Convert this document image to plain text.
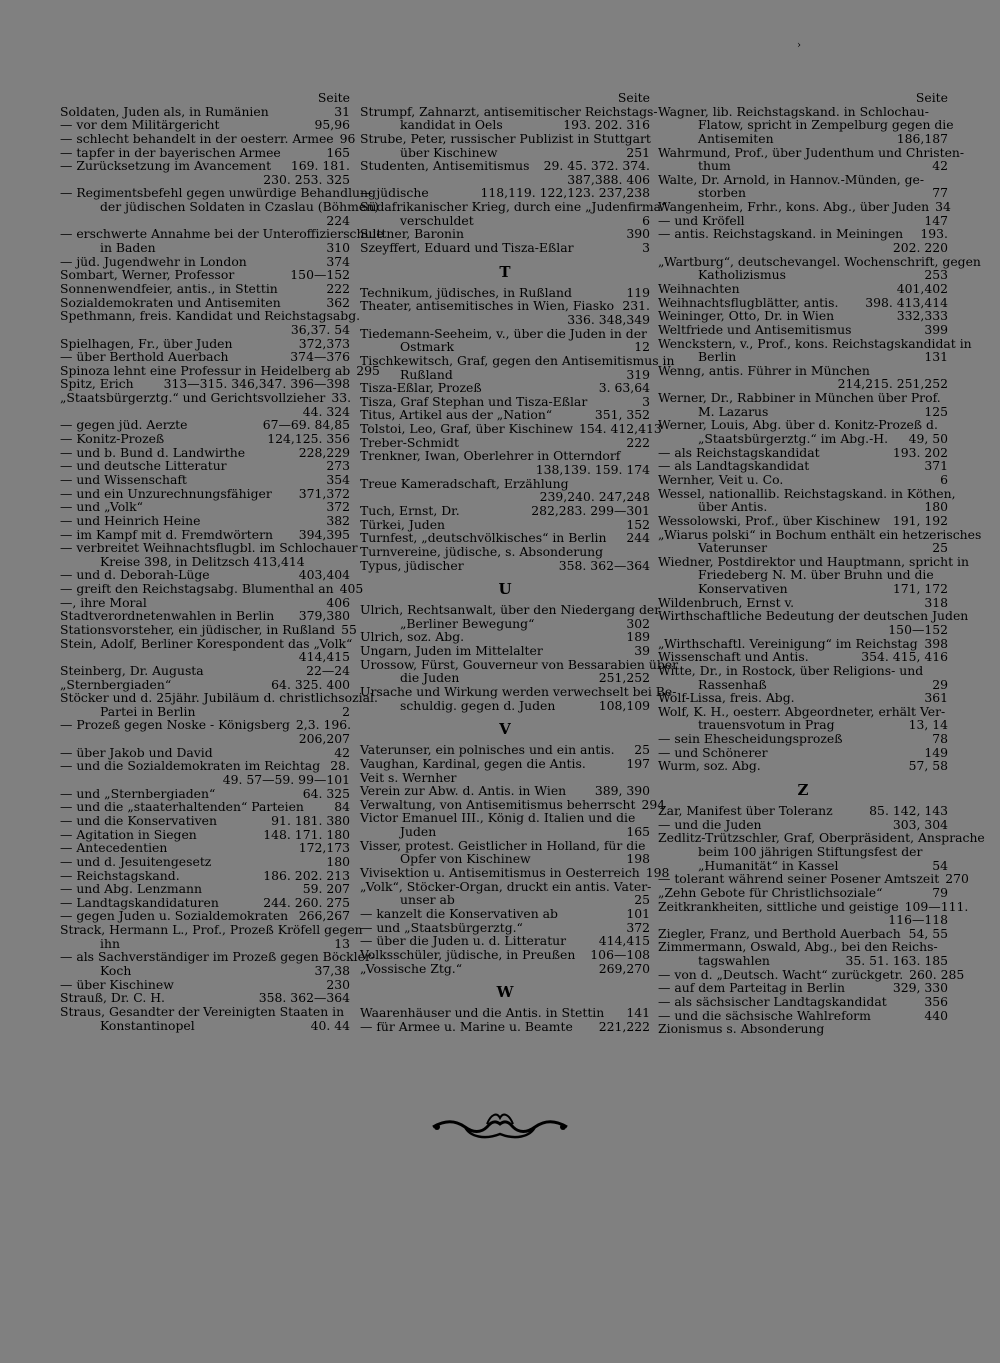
›
Seite
Soldaten, Juden als, in Rumänien	31
— vor dem Militärgericht	95,96
— schlecht behandelt in der oesterr. Armee 96
— tapfer in der bayerischen Armee	165
— Zurücksetzung im Avancement	169. 181.
230. 253. 325
— Regimentsbefehl gegen unwürdige Behandlung
der jüdischen Soldaten in Czaslau (Böhmen)
224
— erschwerte Annahme bei der Unteroffizierschule
in Baden	310
— jüd. Jugendwehr in London	374
Sombart, Werner, Professor	150—152
Sonnenwendfeier, antis., in Stettin	222
Sozialdemokraten und Antisemiten	362
Spethmann, freis. Kandidat und Reichstagsabg.
36,37. 54
Spielhagen, Fr., über Juden	372,373
— über Berthold Auerbach	374—376
Spinoza lehnt eine Professur in Heidelberg ab 295
Spitz, Erich	313—315. 346,347. 396—398
„Staatsbürgerztg.“ und Gerichtsvollzieher 33.
44. 324
— gegen jüd. Aerzte	67—69. 84,85
— Konitz-Prozeß	124,125. 356
— und b. Bund d. Landwirthe	228,229
— und deutsche Litteratur	273
— und Wissenschaft	354
— und ein Unzurechnungsfähiger	371,372
— und „Volk“	372
— und Heinrich Heine	382
— im Kampf mit d. Fremdwörtern	394,395
— verbreitet Weihnachtsflugbl. im Schlochauer
Kreise 398, in Delitzsch 413,414
— und d. Deborah-Lüge	403,404
— greift den Reichstagsabg. Blumenthal an 405
—, ihre Moral	406
Stadtverordnetenwahlen in Berlin	379,380
Stationsvorsteher, ein jüdischer, in Rußland 55
Stein, Adolf, Berliner Korespondent das „Volk“
414,415
Steinberg, Dr. Augusta	22—24
„Sternbergiaden“	64. 325. 400
Stöcker und d. 25jähr. Jubiläum d. christlichsozial.
Partei in Berlin	2
— Prozeß gegen Noske - Königsberg 2,3. 196.
206,207
— über Jakob und David	42
— und die Sozialdemokraten im Reichtag 28.
49. 57—59. 99—101
— und „Sternbergiaden“	64. 325
— und die „staaterhaltenden“ Parteien	84
— und die Konservativen	91. 181. 380
— Agitation in Siegen	148. 171. 180
— Antecedentien	172,173
— und d. Jesuitengesetz	180
— Reichstagskand.	186. 202. 213
— und Abg. Lenzmann	59. 207
— Landtagskandidaturen	244. 260. 275
— gegen Juden u. Sozialdemokraten 266,267
Strack, Hermann L., Prof., Prozeß Kröfell gegen
ihn	13
— als Sachverständiger im Prozeß gegen Böckler-
Koch	37,38
— über Kischinew	230
Strauß, Dr. C. H.	358. 362—364
Straus, Gesandter der Vereinigten Staaten in
Konstantinopel	40. 44
Seite
Strumpf, Zahnarzt, antisemitischer Reichstags-
kandidat in Oels	193. 202. 316
Strube, Peter, russischer Publizist in Stuttgart
über Kischinew	251
Studenten, Antisemitismus	29. 45. 372. 374.
387,388. 406
— jüdische	118,119. 122,123. 237,238
Südafrikanischer Krieg, durch eine „Judenfirma“
verschuldet	6
Suttner, Baronin	390
Szeyffert, Eduard und Tisza-Eßlar	3
T
Technikum, jüdisches, in Rußland	119
Theater, antisemitisches in Wien, Fiasko 231.
336. 348,349
Tiedemann-Seeheim, v., über die Juden in der
Ostmark	12
Tischkewitsch, Graf, gegen den Antisemitismus in
Rußland	319
Tisza-Eßlar, Prozeß	3. 63,64
Tisza, Graf Stephan und Tisza-Eßlar	3
Titus, Artikel aus der „Nation“	351, 352
Tolstoi, Leo, Graf, über Kischinew 154. 412,413
Treber-Schmidt	222
Trenkner, Iwan, Oberlehrer in Otterndorf
138,139. 159. 174
Treue Kameradschaft, Erzählung
239,240. 247,248
Tuch, Ernst, Dr.	282,283. 299—301
Türkei, Juden	152
Turnfest, „deutschvölkisches“ in Berlin	244
Turnvereine, jüdische, s. Absonderung
Typus, jüdischer	358. 362—364
U
Ulrich, Rechtsanwalt, über den Niedergang der
„Berliner Bewegung“	302
Ulrich, soz. Abg.	189
Ungarn, Juden im Mittelalter	39
Urossow, Fürst, Gouverneur von Bessarabien über
die Juden	251,252
Ursache und Wirkung werden verwechselt bei Be-
schuldig. gegen d. Juden	108,109
V
Vaterunser, ein polnisches und ein antis.	25
Vaughan, Kardinal, gegen die Antis.	197
Veit s. Wernher
Verein zur Abw. d. Antis. in Wien	389, 390
Verwaltung, von Antisemitismus beherrscht 294
Victor Emanuel III., König d. Italien und die
Juden	165
Visser, protest. Geistlicher in Holland, für die
Opfer von Kischinew	198
Vivisektion u. Antisemitismus in Oesterreich 198
„Volk“, Stöcker-Organ, druckt ein antis. Vater-
unser ab	25
— kanzelt die Konservativen ab	101
— und „Staatsbürgerztg.“	372
— über die Juden u. d. Litteratur	414,415
Volksschüler, jüdische, in Preußen	106—108
„Vossische Ztg.“	269,270
W
Waarenhäuser und die Antis. in Stettin	141
— für Armee u. Marine u. Beamte	221,222
Seite
Wagner, lib. Reichstagskand. in Schlochau-
Flatow, spricht in Zempelburg gegen die
Antisemiten	186,187
Wahrmund, Prof., über Judenthum und Christen-
thum	42
Walte, Dr. Arnold, in Hannov.-Münden, ge-
storben	77
Wangenheim, Frhr., kons. Abg., über Juden 34
— und Kröfell	147
— antis. Reichstagskand. in Meiningen	193.
202. 220
„Wartburg“, deutschevangel. Wochenschrift, gegen
Katholizismus	253
Weihnachten	401,402
Weihnachtsflugblätter, antis.	398. 413,414
Weininger, Otto, Dr. in Wien	332,333
Weltfriede und Antisemitismus	399
Wenckstern, v., Prof., kons. Reichstagskandidat in
Berlin	131
Wenng, antis. Führer in München
214,215. 251,252
Werner, Dr., Rabbiner in München über Prof.
M. Lazarus	125
Werner, Louis, Abg. über d. Konitz-Prozeß d.
„Staatsbürgerztg.“ im Abg.-H.	49, 50
— als Reichstagskandidat	193. 202
— als Landtagskandidat	371
Wernher, Veit u. Co.	6
Wessel, nationallib. Reichstagskand. in Köthen,
über Antis.	180
Wessolowski, Prof., über Kischinew	191, 192
„Wiarus polski“ in Bochum enthält ein hetzerisches
Vaterunser	25
Wiedner, Postdirektor und Hauptmann, spricht in
Friedeberg N. M. über Bruhn und die
Konservativen	171, 172
Wildenbruch, Ernst v.	318
Wirthschaftliche Bedeutung der deutschen Juden
150—152
„Wirthschaftl. Vereinigung“ im Reichstag 398
Wissenschaft und Antis.	354. 415, 416
Witte, Dr., in Rostock, über Religions- und
Rassenhaß	29
Wolf-Lissa, freis. Abg.	361
Wolf, K. H., oesterr. Abgeordneter, erhält Ver-
trauensvotum in Prag	13, 14
— sein Ehescheidungsprozeß	78
— und Schönerer	149
Wurm, soz. Abg.	57, 58
Z
Zar, Manifest über Toleranz	85. 142, 143
— und die Juden	303, 304
Zedlitz-Trützschler, Graf, Oberpräsident, Ansprache
beim 100 jährigen Stiftungsfest der
„Humanität“ in Kassel	54
— tolerant während seiner Posener Amtszeit 270
„Zehn Gebote für Christlichsoziale“	79
Zeitkrankheiten, sittliche und geistige 109—111.
116—118
Ziegler, Franz, und Berthold Auerbach 54, 55
Zimmermann, Oswald, Abg., bei den Reichs-
tagswahlen	35. 51. 163. 185
— von d. „Deutsch. Wacht“ zurückgetr. 260. 285
— auf dem Parteitag in Berlin	329, 330
— als sächsischer Landtagskandidat	356
— und die sächsische Wahlreform	440
Zionismus s. Absonderung
